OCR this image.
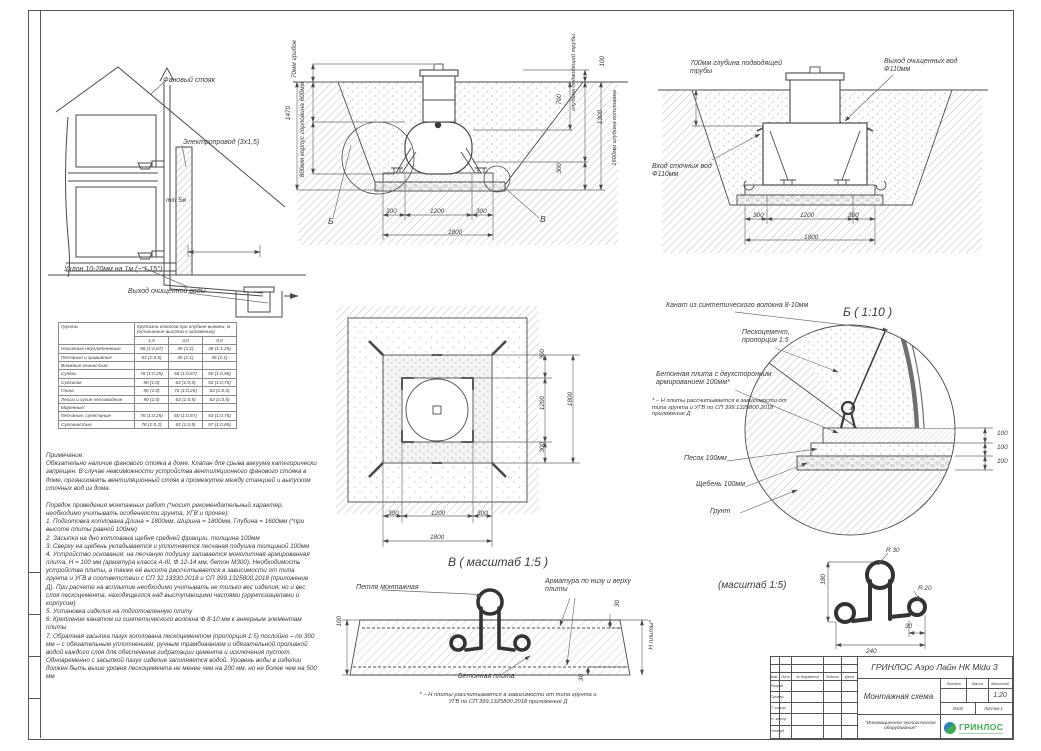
Фановый стояк
Электропровод (3х1,5)
min 5м
Уклон 10-20мм на 1м (~ 1,15°)
Выход очищенной воды
70мм грибок
горловина 600мм
1470
800мм корпус
глубина подводящей трубы	100
700
1300
300
1600мм глубина котлована
300	1200	300
1800
Б	В
700мм глубина подводящей трубы
Выход очищенных вод Ф110мм
Вход сточных вод Ф110мм
300	1200	300
1800
Грунты	Крутизна откосов при глубине выемки, м (отношение высоты к заложению)		
	1,5	3,0	5,0
Насыпные неуплотненные	56 (1:0,67)	45 (1:1)	38 (1:1,25)
Песчаные и гравийные	63 (1:0,5)	45 (1:1)	45 (1:1)
Влажные глинистые:			
Супесь	76 (1:0,25)	56 (1:0,67)	50 (1:0,85)
Суглинок	90 (1:0)	63 (1:0,5)	53 (1:0,75)
Глина	90 (1:0)	76 (1:0,25)	63 (1:0,5)
Лессы и сухие лессовидные	90 (1:0)	63 (1:0,5)	63 (1:0,5)
Моренные:			
Песчаные, супесчаные	76 (1:0,25)	60 (1:0,57)	53 (1:0,75)
Суглинистые	78 (1:0,2)	63 (1:0,5)	57 (1:0,65)
300
1200
300
1800
300	1200	300
1800
Канат из синтетического волокна 8-10мм	Б ( 1:10 )
Пескоцемент, пропорция 1:5
Бетонная плита с двухсторонним армированием 100мм*
* – Н плиты рассчитывается в зависимости от типа грунта и УГВ по СП 399.1325800.2018 приложение Д
Песок 100мм
Щебень 100мм
Грунт
100
100
100
Примечание:
Обязательно наличие фанового стояка в доме. Клапан для срыва вакуума категорически запрещен. В случае невозможности устройства вентиляционного фанового стояка в доме, организовать вентиляционный стояк в промежутке между станцией и выпуском сточных вод из дома.
Порядок проведения монтажных работ (*носит рекомендательный характер, необходимо учитывать особенности грунта, УГВ и прочее):
1. Подготовка котлована Длина = 1800мм, Ширина = 1800мм, Глубина = 1600мм (*при высоте плиты равной 100мм)
2. Засыпка на дно котлована щебня средней фракции, толщина 100мм
3. Сверху на щебень укладывается и уплотняется песчаная подушка толщиной 100мм
4. Устройство основания: на песчаную подушку заливается монолитная армированная плита, Н = 100 мм (арматура класса А-III, Ф 12-14 мм, бетон М300). Необходимость устройства плиты, а также её высота рассчитывается в зависимости от типа грунта и УГВ в соответствии с СП 32.13330.2018 и СП 399.1325800.2018 (приложение Д). При расчете на всплытие необходимо учитывать не только вес изделия, но и вес слоя пескоцемента, находящегося над выступающими частями (грунтозацепами и корпусом)
5. Установка изделия на подготовленную плиту
6. Крепление канатом из синтетического волокна Ф 8-10 мм к анкерным элементам плиты
7. Обратная засыпка пазух котлована пескоцементом (пропорция 1:5) послойно – по 300 мм – с обязательным уплотнением, ручным трамбованием и обязательной проливкой водой каждого слоя для обеспечения гидратации цемента и исключения пустот. Одновременно с засыпкой пазух изделие заполняется водой. Уровень воды в изделии должен быть выше уровня пескоцемента не менее чем на 200 мм, но не более чем на 500 мм
В ( масштаб 1:5 )
Петля монтажная
Арматура по низу и верху плиты
Бетонная плита
* – Н плиты рассчитывается в зависимости от типа грунта и УГВ по СП 399.1325800.2018 приложение Д
100
30
30
Н плиты*
(масштаб 1:5)
R 30
R 20
180
30
240
ГРИНЛОС Аэро Лайн НК Midu 3
Монтажная схема
Литера	Масса	Масштаб
1:20
Лист	Листов 1
"Инновационное экологическое оборудование"
Изм. Лист	№ документа	Подпись	Дата
Разраб.
Провер.
Т. контр.
Н. контр.
Утверд.	ГРИНЛОС
